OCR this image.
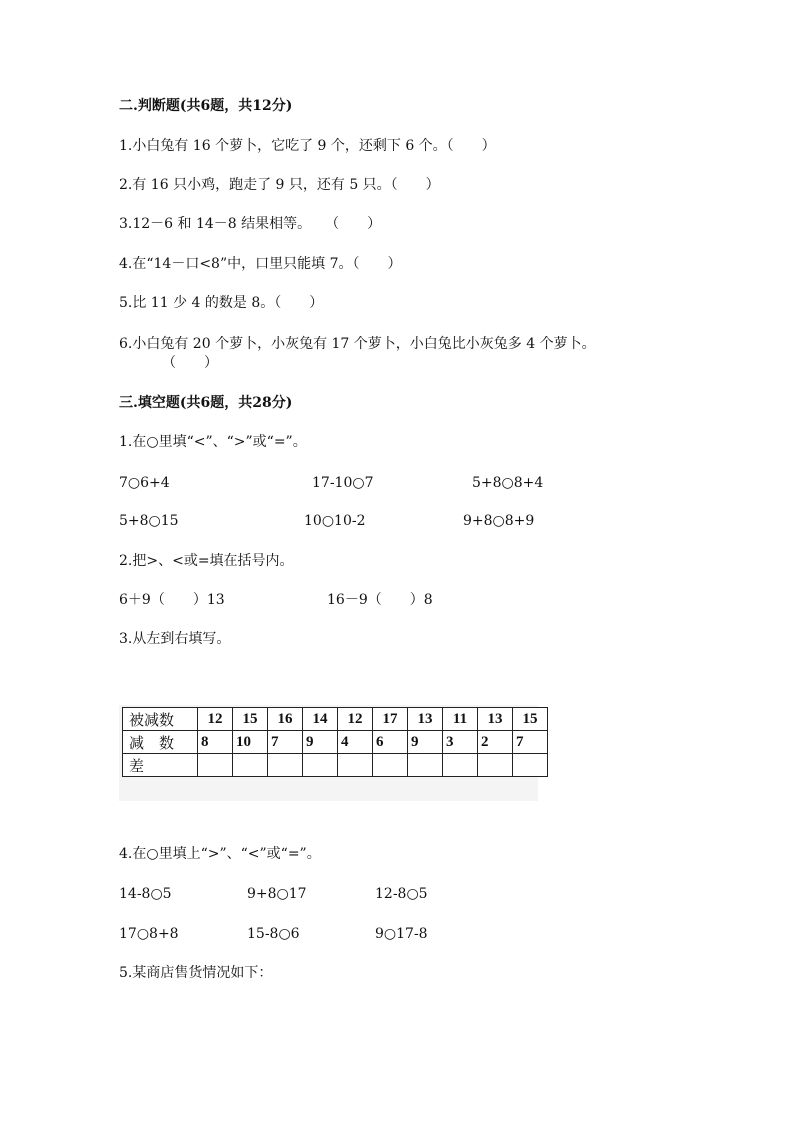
二.判断题(共6题，共12分)
1.小白兔有 16 个萝卜，它吃了 9 个，还剩下 6 个。（　　）
2.有 16 只小鸡，跑走了 9 只，还有 5 只。（　　）
3.12－6 和 14－8 结果相等。　　（　　）
4.在“14－口<8”中，口里只能填 7。（　　）
5.比 11 少 4 的数是 8。（　　）
6.小白兔有 20 个萝卜，小灰兔有 17 个萝卜，小白兔比小灰兔多 4 个萝卜。
（　　）
三.填空题(共6题，共28分)
1.在○里填“<”、“>”或“=”。
7○6+4	17-10○7	5+8○8+4
5+8○15	10○10-2	9+8○8+9
2.把>、<或=填在括号内。
6＋9（　　）13	16－9（　　）8
3.从左到右填写。
被减数	12	15	16	14	12	17	13	11	13	15
减　数	8	10	7	9	4	6	9	3	2	7
差										
4.在○里填上“>”、“<”或“=”。
14-8○5	9+8○17	12-8○5
17○8+8	15-8○6	9○17-8
5.某商店售货情况如下：
